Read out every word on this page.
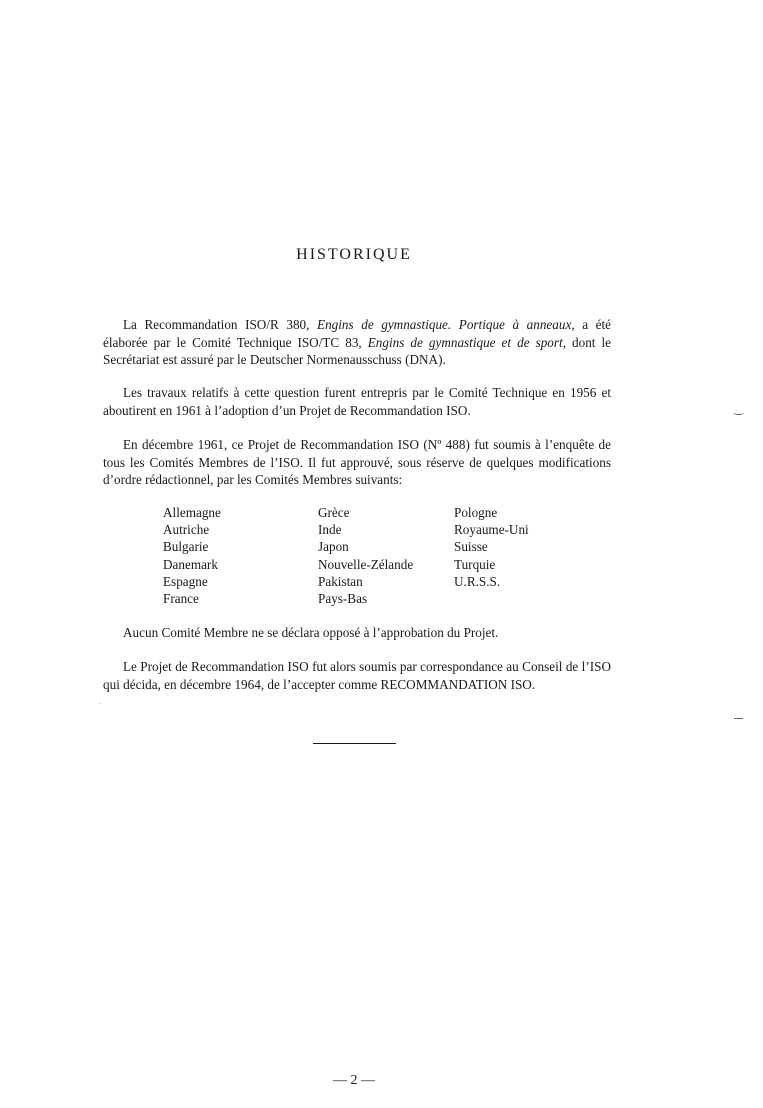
HISTORIQUE

La Recommandation ISO/R 380, Engins de gymnastique. Portique à anneaux, a été élaborée par le Comité Technique ISO/TC 83, Engins de gymnastique et de sport, dont le Secrétariat est assuré par le Deutscher Normenausschuss (DNA).

Les travaux relatifs à cette question furent entrepris par le Comité Technique en 1956 et aboutirent en 1961 à l’adoption d’un Projet de Recommandation ISO.

En décembre 1961, ce Projet de Recommandation ISO (Nº 488) fut soumis à l’enquête de tous les Comités Membres de l’ISO. Il fut approuvé, sous réserve de quelques modifications d’ordre rédactionnel, par les Comités Membres suivants:

Allemagne
Autriche
Bulgarie
Danemark
Espagne
France
Grèce
Inde
Japon
Nouvelle-Zélande
Pakistan
Pays-Bas
Pologne
Royaume-Uni
Suisse
Turquie
U.R.S.S.

Aucun Comité Membre ne se déclara opposé à l’approbation du Projet.

Le Projet de Recommandation ISO fut alors soumis par correspondance au Conseil de l’ISO qui décida, en décembre 1964, de l’accepter comme RECOMMANDATION ISO.

— 2 —
